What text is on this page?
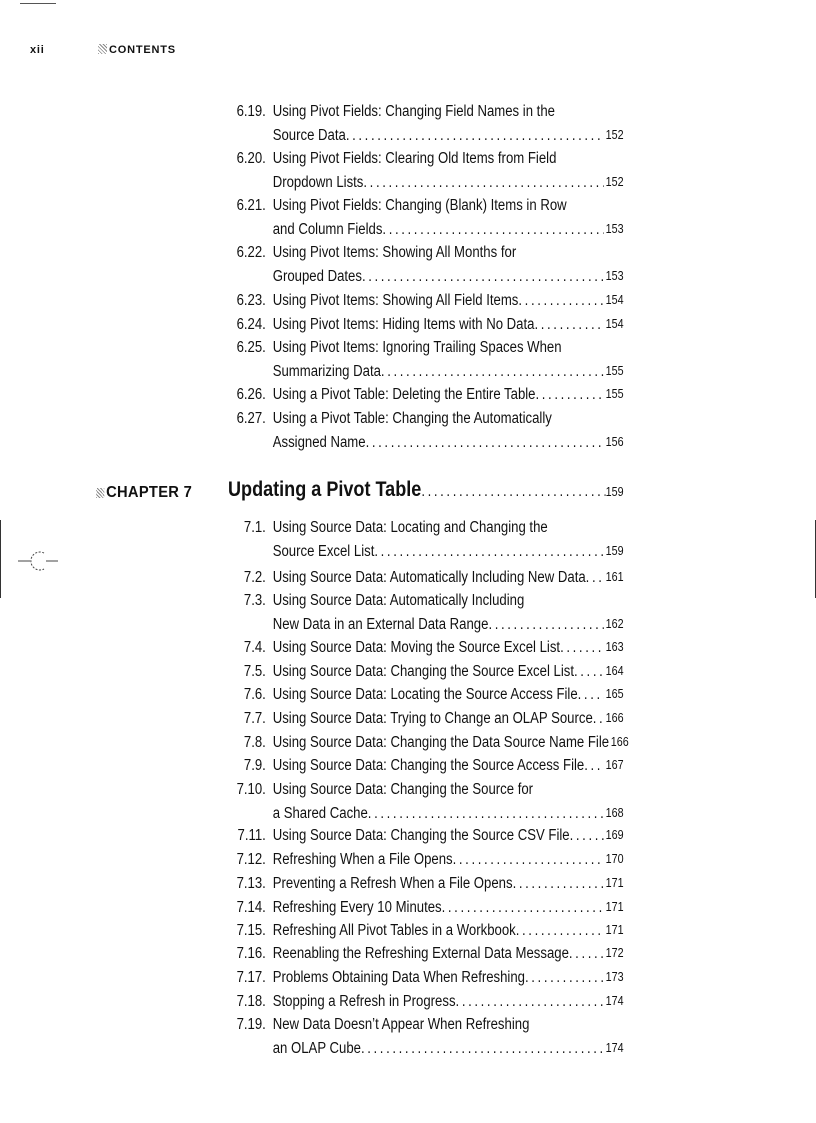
xii	CONTENTS
6.19. Using Pivot Fields: Changing Field Names in the
Source Data . . .	152
6.20. Using Pivot Fields: Clearing Old Items from Field
Dropdown Lists . . .	152
6.21. Using Pivot Fields: Changing (Blank) Items in Row
and Column Fields . . .	153
6.22. Using Pivot Items: Showing All Months for
Grouped Dates . . .	153
6.23. Using Pivot Items: Showing All Field Items . . .	154
6.24. Using Pivot Items: Hiding Items with No Data . . .	154
6.25. Using Pivot Items: Ignoring Trailing Spaces When
Summarizing Data . . .	155
6.26. Using a Pivot Table: Deleting the Entire Table . . .	155
6.27. Using a Pivot Table: Changing the Automatically
Assigned Name . . .	156
7.1. Using Source Data: Locating and Changing the
Source Excel List . . .	159
7.2. Using Source Data: Automatically Including New Data . . . 161
7.3. Using Source Data: Automatically Including
New Data in an External Data Range . . .	162
7.4. Using Source Data: Moving the Source Excel List . . .	163
7.5. Using Source Data: Changing the Source Excel List . . .	164
7.6. Using Source Data: Locating the Source Access File . . . 165
7.7. Using Source Data: Trying to Change an OLAP Source . . . 166
7.8. Using Source Data: Changing the Data Source Name File 166
7.9. Using Source Data: Changing the Source Access File . . . 167
7.10. Using Source Data: Changing the Source for
a Shared Cache . . .	168
7.11. Using Source Data: Changing the Source CSV File . . .	169
7.12. Refreshing When a File Opens . . .	170
7.13. Preventing a Refresh When a File Opens . . .	171
7.14. Refreshing Every 10 Minutes . . .	171
7.15. Refreshing All Pivot Tables in a Workbook . . .	171
7.16. Reenabling the Refreshing External Data Message . . .	172
7.17. Problems Obtaining Data When Refreshing . . .	173
7.18. Stopping a Refresh in Progress . . .	174
7.19. New Data Doesn’t Appear When Refreshing
an OLAP Cube . . .	174
CHAPTER 7 Updating a Pivot Table . . .	159
